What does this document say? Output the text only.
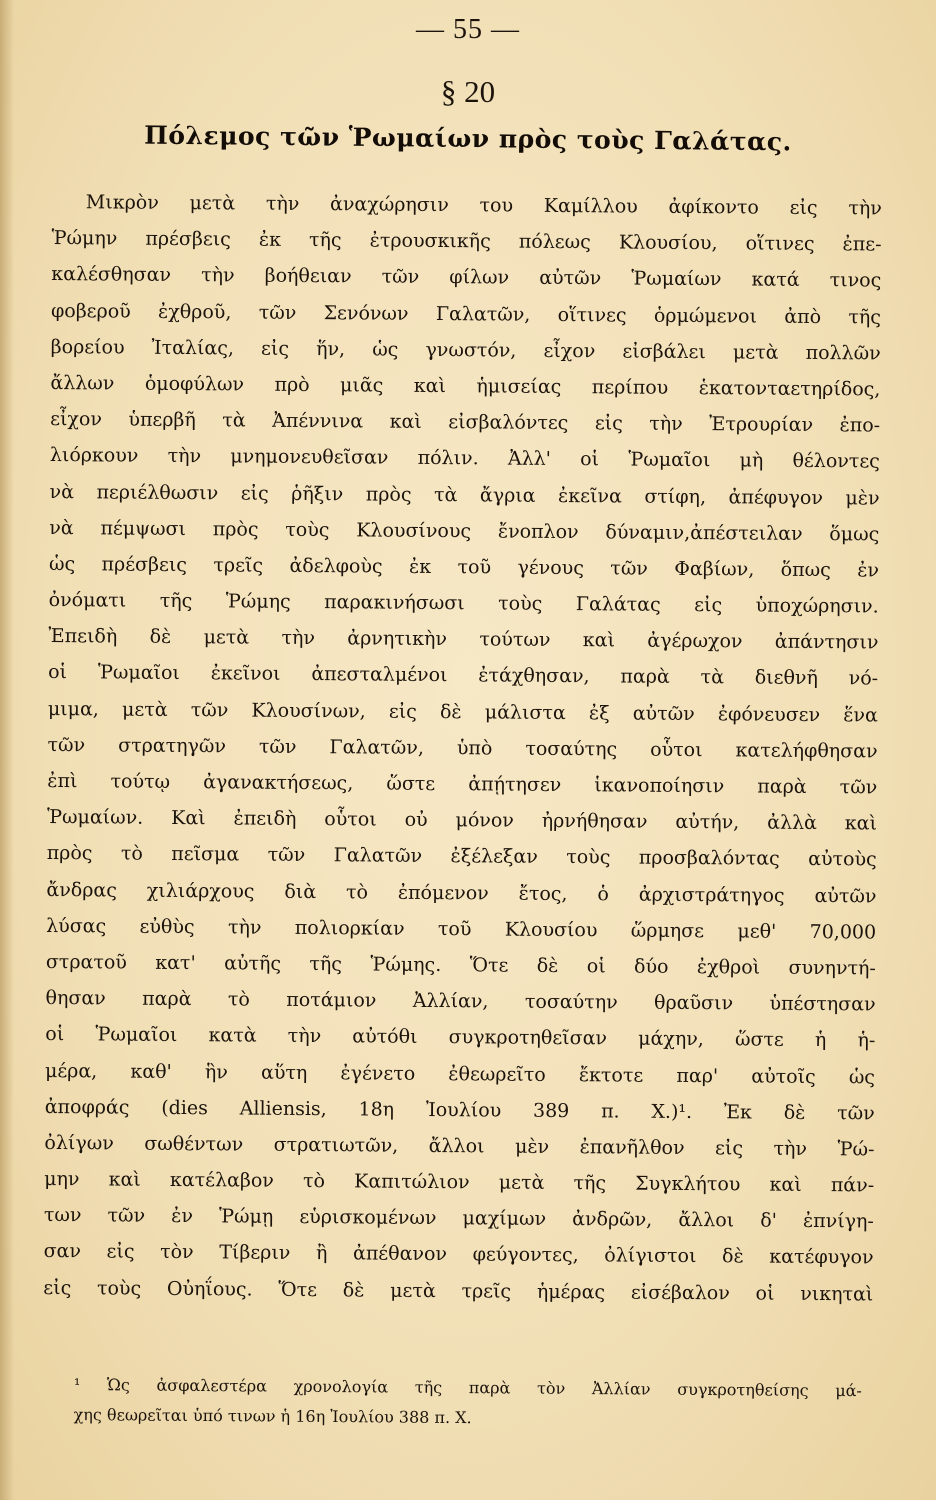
— 55 —
§ 20
Πόλεμος τῶν Ῥωμαίων πρὸς τοὺς Γαλάτας.
Μικρὸν μετὰ τὴν ἀναχώρησιν του Καμίλλου ἀφίκοντο εἰς τὴν
Ῥώμην πρέσβεις ἐκ τῆς ἐτρουσκικῆς πόλεως Κλουσίου, οἵτινες ἐπε-
καλέσθησαν τὴν βοήθειαν τῶν φίλων αὐτῶν Ῥωμαίων κατά τινος
φοβεροῦ ἐχθροῦ, τῶν Σενόνων Γαλατῶν, οἵτινες ὁρμώμενοι ἀπὸ τῆς
βορείου Ἰταλίας, εἰς ἥν, ὡς γνωστόν, εἶχον εἰσβάλει μετὰ πολλῶν
ἄλλων ὁμοφύλων πρὸ μιᾶς καὶ ἡμισείας περίπου ἑκατονταετηρίδος,
εἶχον ὑπερβῆ τὰ Ἀπέννινα καὶ εἰσβαλόντες εἰς τὴν Ἐτρουρίαν ἐπο-
λιόρκουν τὴν μνημονευθεῖσαν πόλιν. Ἀλλ' οἱ Ῥωμαῖοι μὴ θέλοντες
νὰ περιέλθωσιν εἰς ῥῆξιν πρὸς τὰ ἄγρια ἐκεῖνα στίφη, ἀπέφυγον μὲν
νὰ πέμψωσι πρὸς τοὺς Κλουσίνους ἔνοπλον δύναμιν,ἀπέστειλαν ὅμως
ὡς πρέσβεις τρεῖς ἀδελφοὺς ἐκ τοῦ γένους τῶν Φαβίων, ὅπως ἐν
ὀνόματι τῆς Ῥώμης παρακινήσωσι τοὺς Γαλάτας εἰς ὑποχώρησιν.
Ἐπειδὴ δὲ μετὰ τὴν ἀρνητικὴν τούτων καὶ ἀγέρωχον ἀπάντησιν
οἱ Ῥωμαῖοι ἐκεῖνοι ἀπεσταλμένοι ἐτάχθησαν, παρὰ τὰ διεθνῆ νό-
μιμα, μετὰ τῶν Κλουσίνων, εἰς δὲ μάλιστα ἐξ αὐτῶν ἐφόνευσεν ἕνα
τῶν στρατηγῶν τῶν Γαλατῶν, ὑπὸ τοσαύτης οὗτοι κατελήφθησαν
ἐπὶ τούτῳ ἀγανακτήσεως, ὥστε ἀπῄτησεν ἱκανοποίησιν παρὰ τῶν
Ῥωμαίων. Καὶ ἐπειδὴ οὗτοι οὐ μόνον ἠρνήθησαν αὐτήν, ἀλλὰ καὶ
πρὸς τὸ πεῖσμα τῶν Γαλατῶν ἐξέλεξαν τοὺς προσβαλόντας αὐτοὺς
ἄνδρας χιλιάρχους διὰ τὸ ἐπόμενον ἔτος, ὁ ἀρχιστράτηγος αὐτῶν
λύσας εὐθὺς τὴν πολιορκίαν τοῦ Κλουσίου ὥρμησε μεθ' 70,000
στρατοῦ κατ' αὐτῆς τῆς Ῥώμης. Ὅτε δὲ οἱ δύο ἐχθροὶ συνηντή-
θησαν παρὰ τὸ ποτάμιον Ἀλλίαν, τοσαύτην θραῦσιν ὑπέστησαν
οἱ Ῥωμαῖοι κατὰ τὴν αὐτόθι συγκροτηθεῖσαν μάχην, ὥστε ἡ ἡ-
μέρα, καθ' ἣν αὕτη ἐγένετο ἐθεωρεῖτο ἔκτοτε παρ' αὐτοῖς ὡς
ἀποφράς (dies Alliensis, 18η Ἰουλίου 389 π. Χ.)¹. Ἐκ δὲ τῶν
ὀλίγων σωθέντων στρατιωτῶν, ἄλλοι μὲν ἐπανῆλθον εἰς τὴν Ῥώ-
μην καὶ κατέλαβον τὸ Καπιτώλιον μετὰ τῆς Συγκλήτου καὶ πάν-
των τῶν ἐν Ῥώμῃ εὑρισκομένων μαχίμων ἀνδρῶν, ἄλλοι δ' ἐπνίγη-
σαν εἰς τὸν Τίβεριν ἢ ἀπέθανον φεύγοντες, ὀλίγιστοι δὲ κατέφυγον
εἰς τοὺς Οὐηΐους. Ὅτε δὲ μετὰ τρεῖς ἡμέρας εἰσέβαλον οἱ νικηταὶ
¹ Ὡς ἀσφαλεστέρα χρονολογία τῆς παρὰ τὸν Ἀλλίαν συγκροτηθείσης μά-
χης θεωρεῖται ὑπό τινων ἡ 16η Ἰουλίου 388 π. Χ.
